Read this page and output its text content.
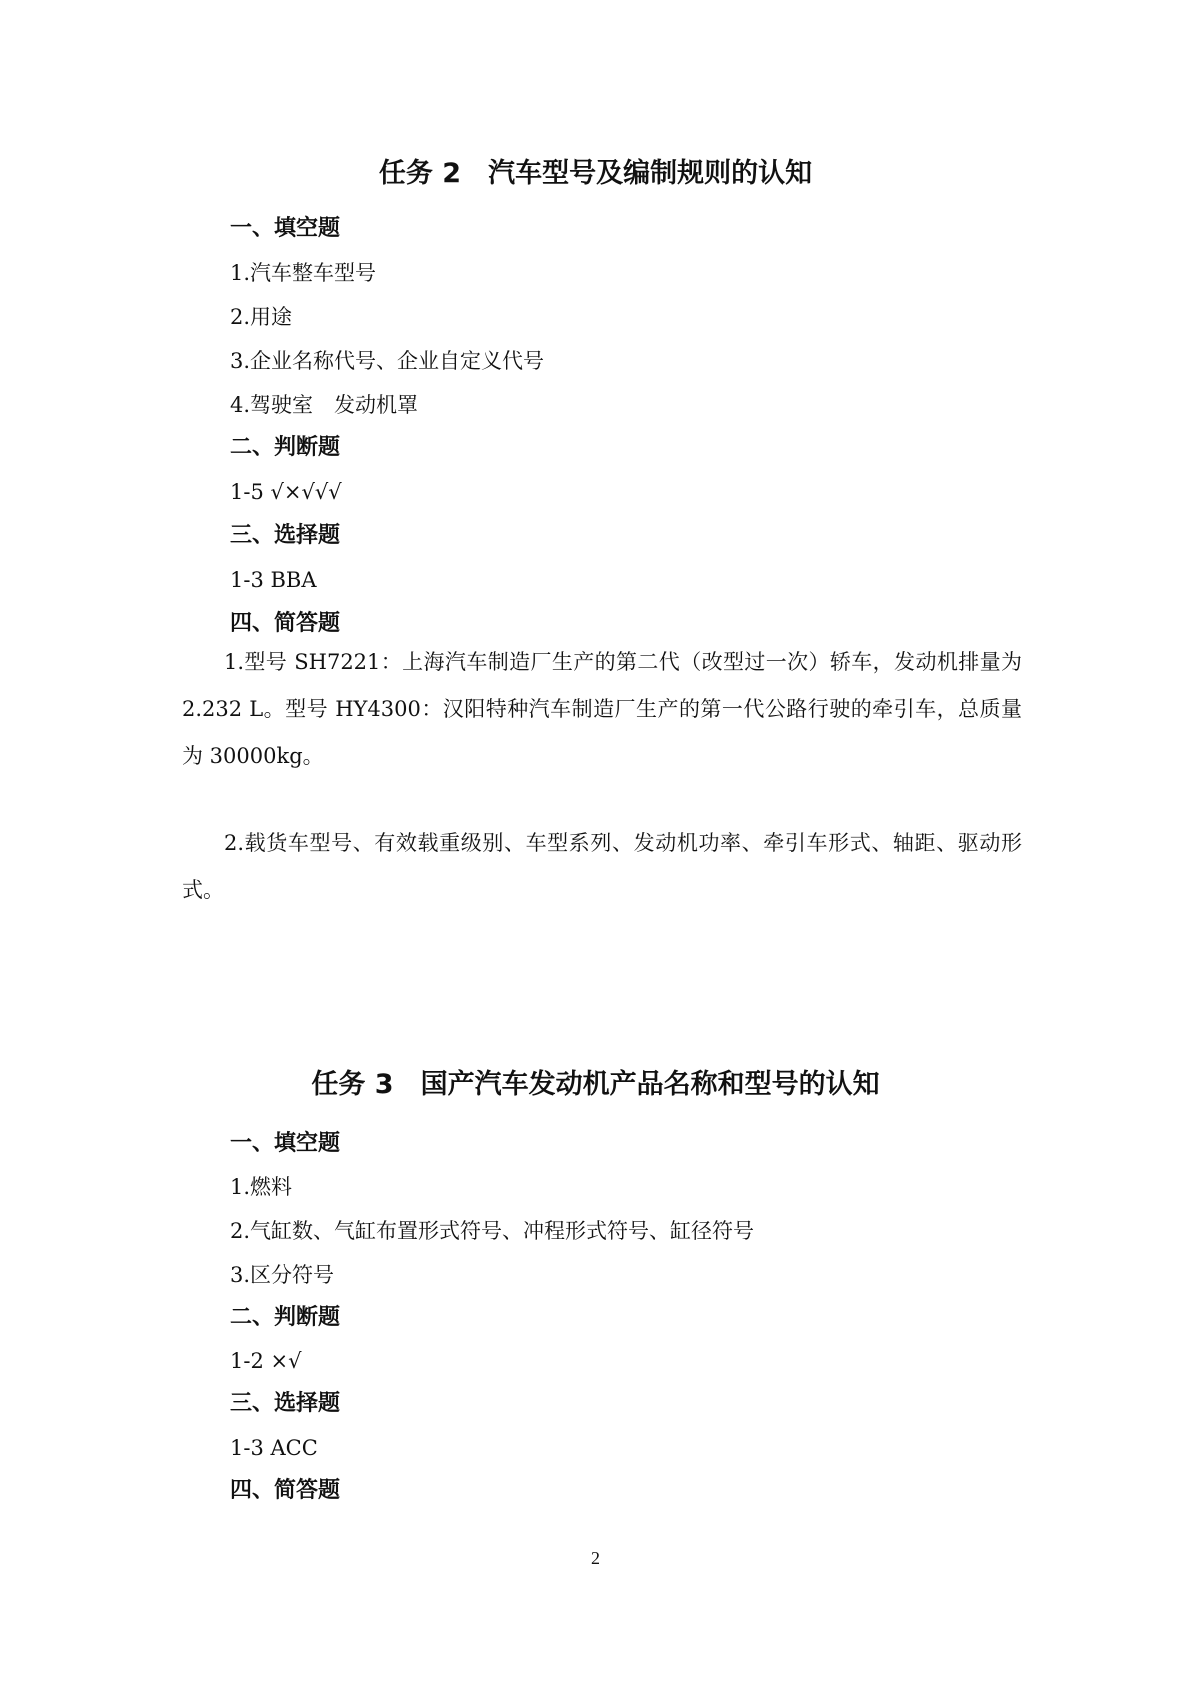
任务 2　汽车型号及编制规则的认知
一、填空题
1.汽车整车型号
2.用途
3.企业名称代号、企业自定义代号
4.驾驶室　发动机罩
二、判断题
1-5 √×√√√
三、选择题
1-3 BBA
四、简答题
1.型号 SH7221：上海汽车制造厂生产的第二代（改型过一次）轿车，发动机排量为 2.232 L。型号 HY4300：汉阳特种汽车制造厂生产的第一代公路行驶的牵引车，总质量为 30000kg。
2.载货车型号、有效载重级别、车型系列、发动机功率、牵引车形式、轴距、驱动形式。
任务 3　国产汽车发动机产品名称和型号的认知
一、填空题
1.燃料
2.气缸数、气缸布置形式符号、冲程形式符号、缸径符号
3.区分符号
二、判断题
1-2 ×√
三、选择题
1-3 ACC
四、简答题
2
